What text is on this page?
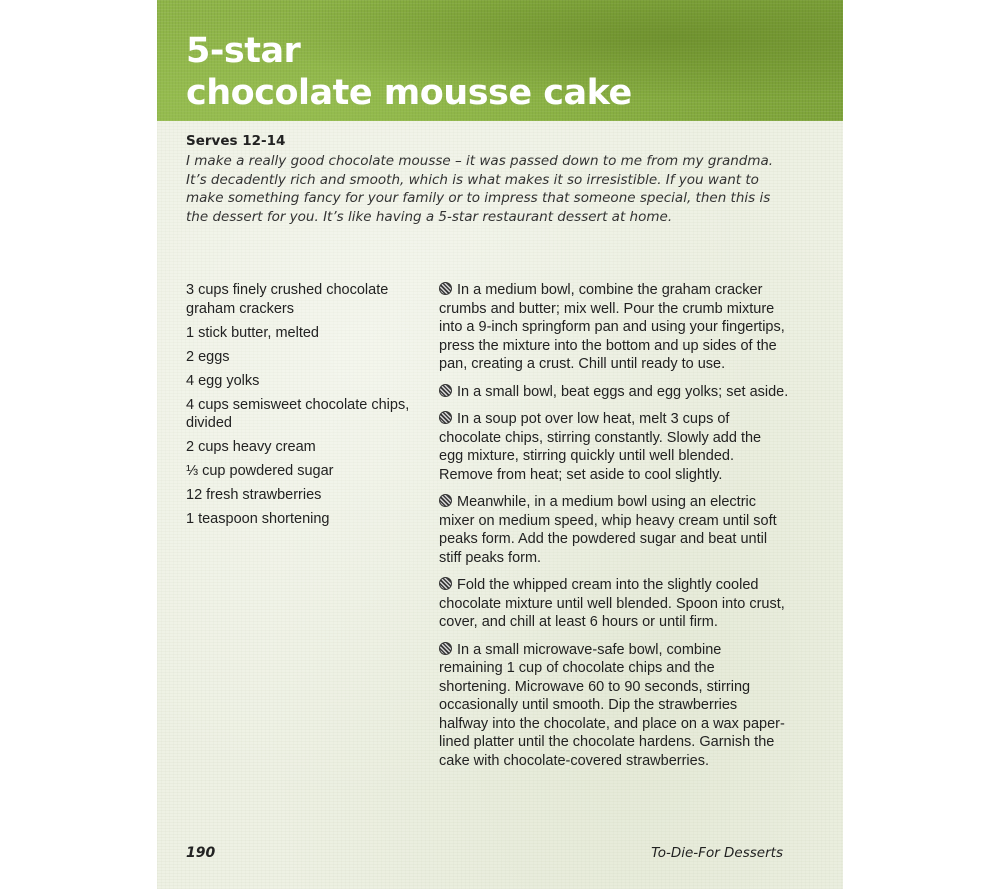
5-star
chocolate mousse cake
Serves 12-14
I make a really good chocolate mousse – it was passed down to me from my grandma. It’s decadently rich and smooth, which is what makes it so irresistible. If you want to make something fancy for your family or to impress that someone special, then this is the dessert for you. It’s like having a 5-star restaurant dessert at home.
3 cups finely crushed chocolate graham crackers
1 stick butter, melted
2 eggs
4 egg yolks
4 cups semisweet chocolate chips, divided
2 cups heavy cream
⅓ cup powdered sugar
12 fresh strawberries
1 teaspoon shortening

In a medium bowl, combine the graham cracker crumbs and butter; mix well. Pour the crumb mixture into a 9-inch springform pan and using your fingertips, press the mixture into the bottom and up sides of the pan, creating a crust. Chill until ready to use.

In a small bowl, beat eggs and egg yolks; set aside.

In a soup pot over low heat, melt 3 cups of chocolate chips, stirring constantly. Slowly add the egg mixture, stirring quickly until well blended. Remove from heat; set aside to cool slightly.

Meanwhile, in a medium bowl using an electric mixer on medium speed, whip heavy cream until soft peaks form. Add the powdered sugar and beat until stiff peaks form.

Fold the whipped cream into the slightly cooled chocolate mixture until well blended. Spoon into crust, cover, and chill at least 6 hours or until firm.

In a small microwave-safe bowl, combine remaining 1 cup of chocolate chips and the shortening. Microwave 60 to 90 seconds, stirring occasionally until smooth. Dip the strawberries halfway into the chocolate, and place on a wax paper-lined platter until the chocolate hardens. Garnish the cake with chocolate-covered strawberries.

190	To-Die-For Desserts
